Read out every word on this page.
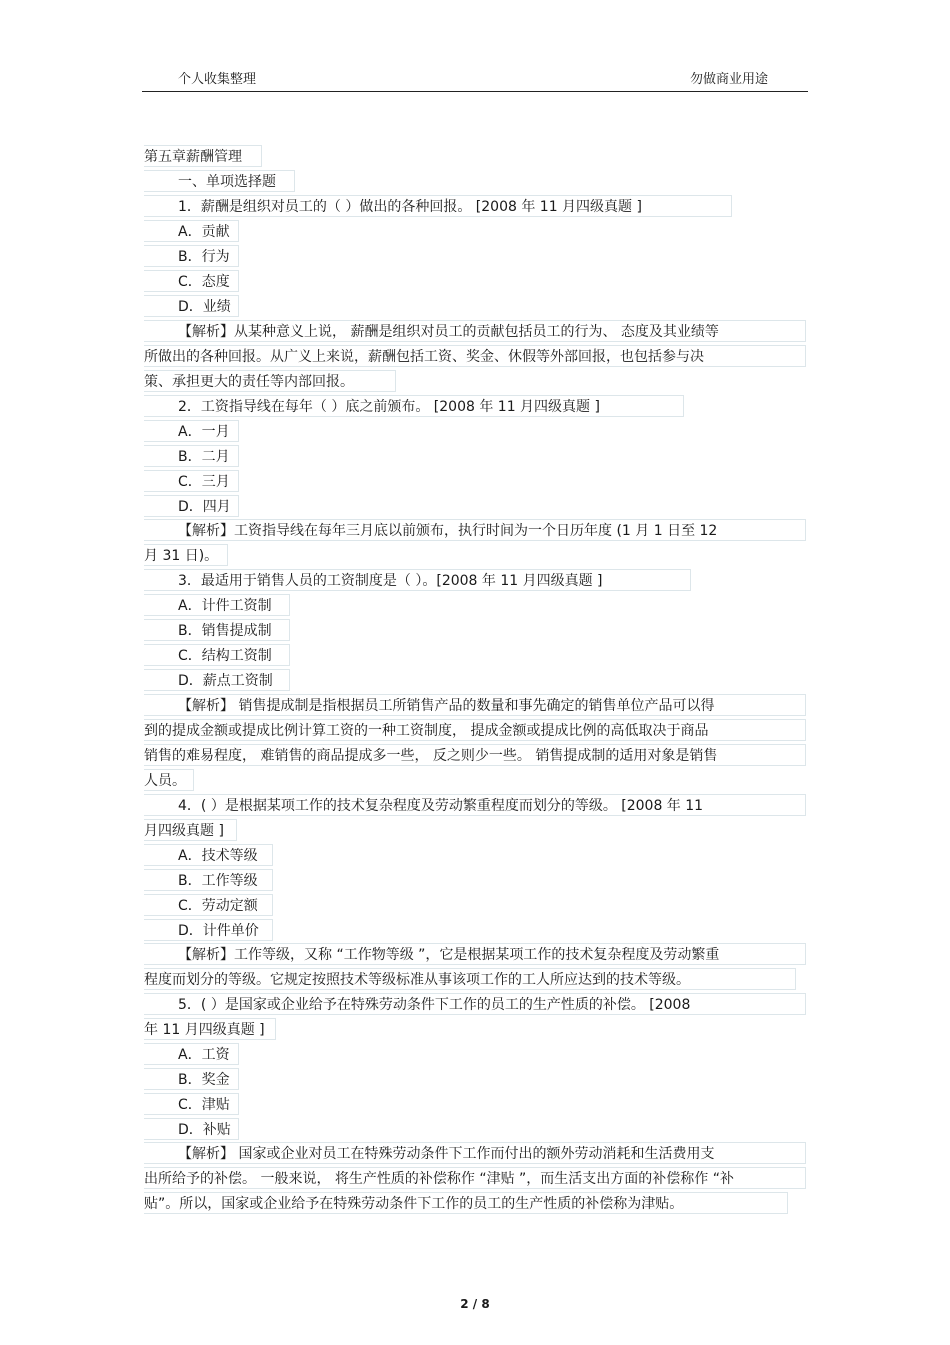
个人收集整理	勿做商业用途
第五章薪酬管理
一、单项选择题
1．薪酬是组织对员工的（ ）做出的各种回报。 [2008 年 11 月四级真题 ]
A．贡献
B．行为
C．态度
D．业绩
【解析】从某种意义上说， 薪酬是组织对员工的贡献包括员工的行为、 态度及其业绩等
所做出的各种回报。从广义上来说，薪酬包括工资、奖金、休假等外部回报，也包括参与决
策、承担更大的责任等内部回报。
2．工资指导线在每年（ ）底之前颁布。 [2008 年 11 月四级真题 ]
A．一月
B．二月
C．三月
D．四月
【解析】工资指导线在每年三月底以前颁布，执行时间为一个日历年度 (1 月 1 日至 12
月 31 日)。
3．最适用于销售人员的工资制度是（ ）。[2008 年 11 月四级真题 ]
A．计件工资制
B．销售提成制
C．结构工资制
D．薪点工资制
【解析】 销售提成制是指根据员工所销售产品的数量和事先确定的销售单位产品可以得
到的提成金额或提成比例计算工资的一种工资制度， 提成金额或提成比例的高低取决于商品
销售的难易程度， 难销售的商品提成多一些， 反之则少一些。 销售提成制的适用对象是销售
人员。
4．( ）是根据某项工作的技术复杂程度及劳动繁重程度而划分的等级。 [2008 年 11
月四级真题 ]
A．技术等级
B．工作等级
C．劳动定额
D．计件单价
【解析】工作等级，又称 “工作物等级 ”，它是根据某项工作的技术复杂程度及劳动繁重
程度而划分的等级。它规定按照技术等级标准从事该项工作的工人所应达到的技术等级。
5．( ）是国家或企业给予在特殊劳动条件下工作的员工的生产性质的补偿。 [2008
年 11 月四级真题 ]
A．工资
B．奖金
C．津贴
D．补贴
【解析】 国家或企业对员工在特殊劳动条件下工作而付出的额外劳动消耗和生活费用支
出所给予的补偿。 一般来说， 将生产性质的补偿称作 “津贴 ”，而生活支出方面的补偿称作 “补
贴”。所以，国家或企业给予在特殊劳动条件下工作的员工的生产性质的补偿称为津贴。
2 / 8
